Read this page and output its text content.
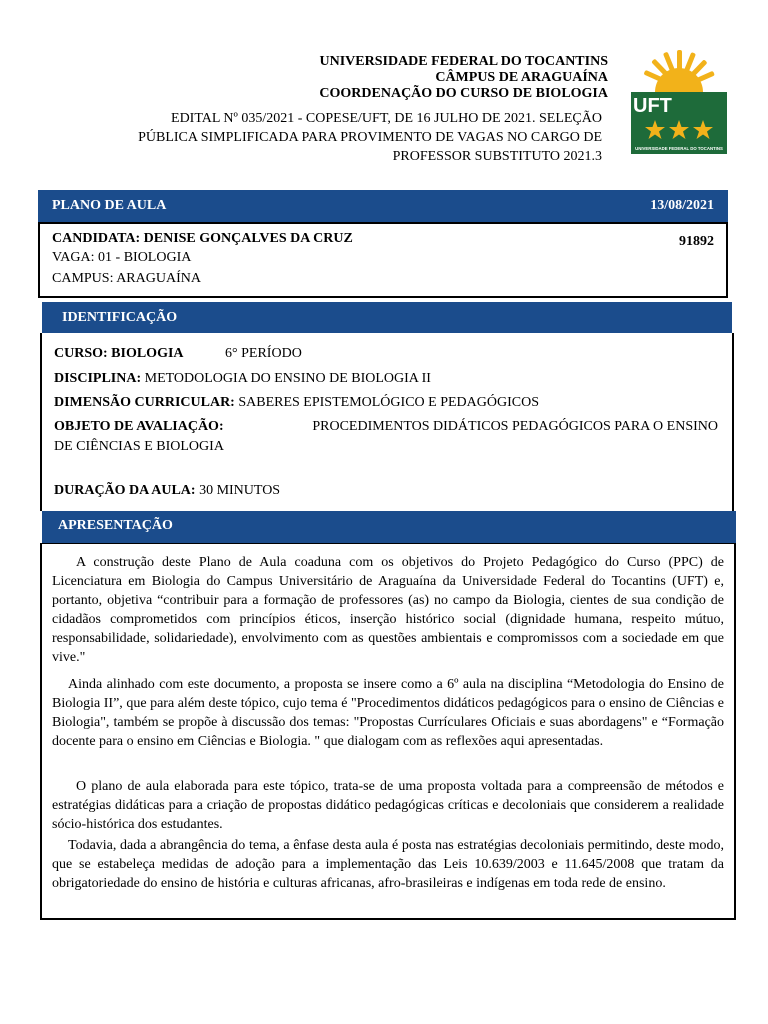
UNIVERSIDADE FEDERAL DO TOCANTINS
CÂMPUS DE ARAGUAÍNA
COORDENAÇÃO DO CURSO DE BIOLOGIA
EDITAL Nº 035/2021 - COPESE/UFT, DE 16 JULHO DE 2021. SELEÇÃO
PÚBLICA SIMPLIFICADA PARA PROVIMENTO DE VAGAS NO CARGO DE
PROFESSOR SUBSTITUTO 2021.3
UFT
UNIVERSIDADE FEDERAL DO TOCANTINS
PLANO DE AULA	13/08/2021
CANDIDATA: DENISE GONÇALVES DA CRUZ	91892
VAGA: 01 - BIOLOGIA
CAMPUS: ARAGUAÍNA
IDENTIFICAÇÃO
CURSO: BIOLOGIA	6° PERÍODO
DISCIPLINA: METODOLOGIA DO ENSINO DE BIOLOGIA II
DIMENSÃO CURRICULAR: SABERES EPISTEMOLÓGICO E PEDAGÓGICOS
OBJETO DE AVALIAÇÃO:	PROCEDIMENTOS DIDÁTICOS PEDAGÓGICOS PARA O ENSINO
DE CIÊNCIAS E BIOLOGIA
DURAÇÃO DA AULA: 30 MINUTOS
APRESENTAÇÃO
A construção deste Plano de Aula coaduna com os objetivos do Projeto Pedagógico do Curso (PPC) de Licenciatura em Biologia do Campus Universitário de Araguaína da Universidade Federal do Tocantins (UFT) e, portanto, objetiva “contribuir para a formação de professores (as) no campo da Biologia, cientes de sua condição de cidadãos comprometidos com princípios éticos, inserção histórico social (dignidade humana, respeito mútuo, responsabilidade, solidariedade), envolvimento com as questões ambientais e compromissos com a sociedade em que vive."
Ainda alinhado com este documento, a proposta se insere como a 6º aula na disciplina “Metodologia do Ensino de Biologia II”, que para além deste tópico, cujo tema é "Procedimentos didáticos pedagógicos para o ensino de Ciências e Biologia", também se propõe à discussão dos temas: "Propostas Currículares Oficiais e suas abordagens" e “Formação docente para o ensino em Ciências e Biologia. " que dialogam com as reflexões aqui apresentadas.
O plano de aula elaborada para este tópico, trata-se de uma proposta voltada para a compreensão de métodos e estratégias didáticas para a criação de propostas didático pedagógicas críticas e decoloniais que considerem a realidade sócio-histórica dos estudantes.
Todavia, dada a abrangência do tema, a ênfase desta aula é posta nas estratégias decoloniais permitindo, deste modo, que se estabeleça medidas de adoção para a implementação das Leis 10.639/2003 e 11.645/2008 que tratam da obrigatoriedade do ensino de história e culturas africanas, afro-brasileiras e indígenas em toda rede de ensino.
